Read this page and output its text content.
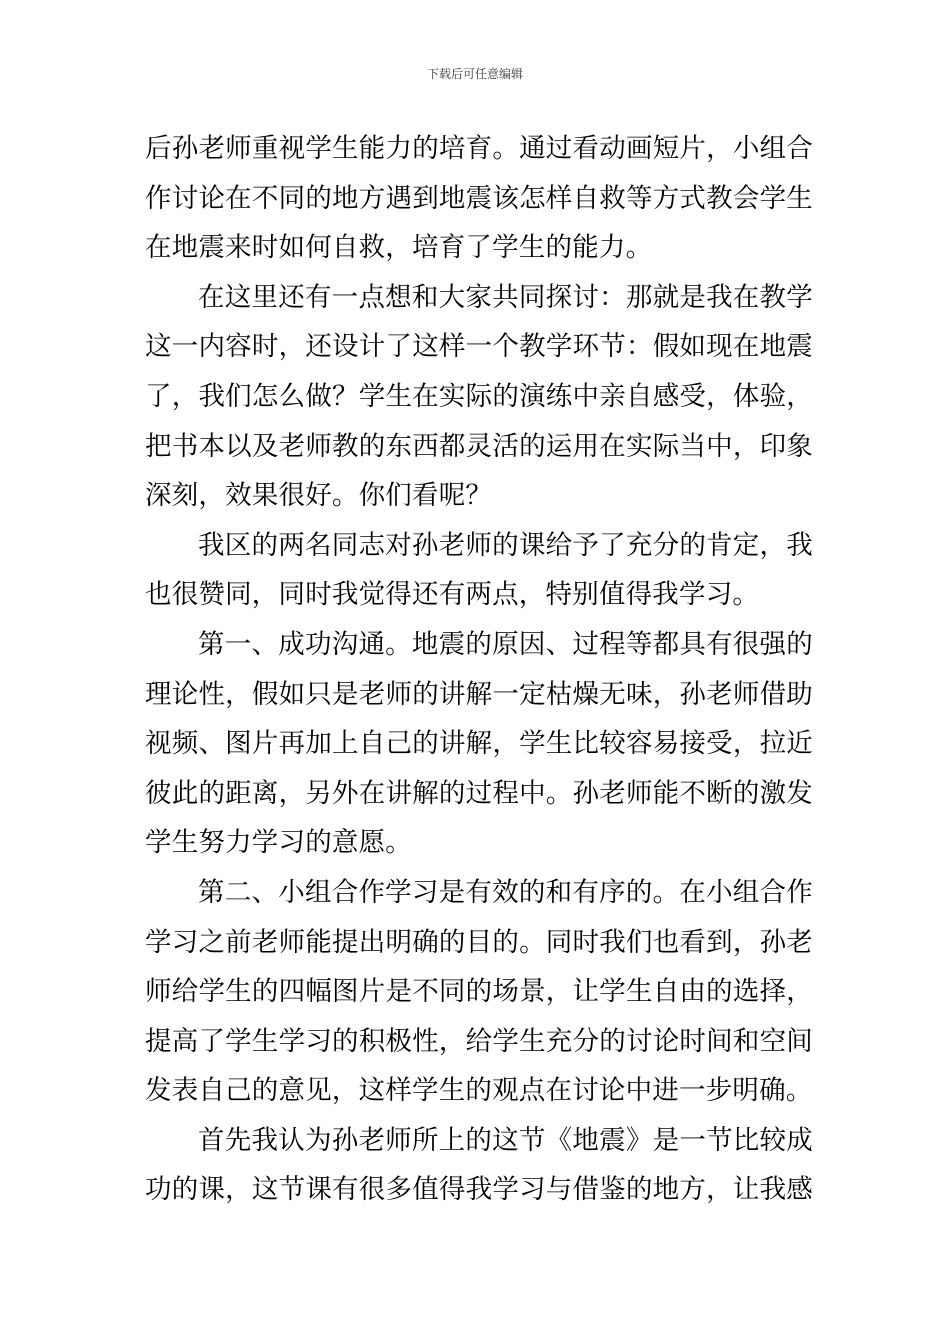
下载后可任意编辑
后孙老师重视学生能力的培育。通过看动画短片，小组合
作讨论在不同的地方遇到地震该怎样自救等方式教会学生
在地震来时如何自救，培育了学生的能力。
在这里还有一点想和大家共同探讨：那就是我在教学
这一内容时，还设计了这样一个教学环节：假如现在地震
了，我们怎么做？学生在实际的演练中亲自感受，体验，
把书本以及老师教的东西都灵活的运用在实际当中，印象
深刻，效果很好。你们看呢？
我区的两名同志对孙老师的课给予了充分的肯定，我
也很赞同，同时我觉得还有两点，特别值得我学习。
第一、成功沟通。地震的原因、过程等都具有很强的
理论性，假如只是老师的讲解一定枯燥无味，孙老师借助
视频、图片再加上自己的讲解，学生比较容易接受，拉近
彼此的距离，另外在讲解的过程中。孙老师能不断的激发
学生努力学习的意愿。
第二、小组合作学习是有效的和有序的。在小组合作
学习之前老师能提出明确的目的。同时我们也看到，孙老
师给学生的四幅图片是不同的场景，让学生自由的选择，
提高了学生学习的积极性，给学生充分的讨论时间和空间
发表自己的意见，这样学生的观点在讨论中进一步明确。
首先我认为孙老师所上的这节《地震》是一节比较成
功的课，这节课有很多值得我学习与借鉴的地方，让我感
